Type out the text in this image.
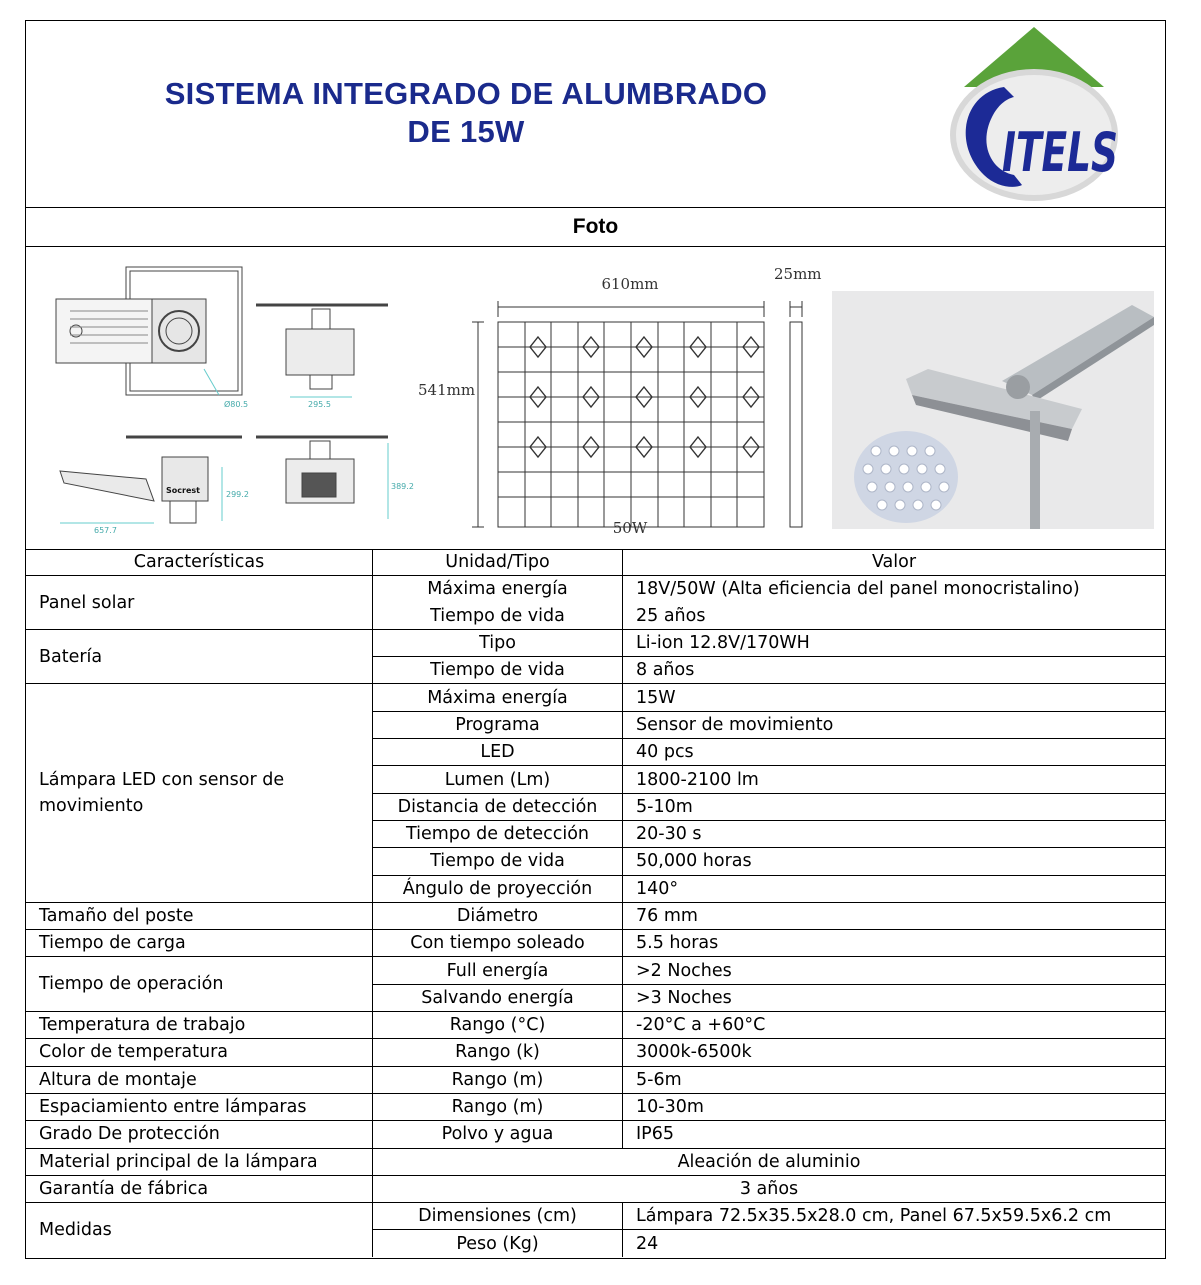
SISTEMA INTEGRADO DE ALUMBRADO
DE 15W	ITELS
Foto
Ø80.5	295.5
299.2
389.2
657.7
Socrest
610mm
541mm
25mm
50W
Características	Unidad/Tipo	Valor
Panel solar	Máxima energía	18V/50W (Alta eficiencia del panel monocristalino)
	Tiempo de vida	25 años
Batería	Tipo	Li-ion 12.8V/170WH
	Tiempo de vida	8 años
Lámpara LED con sensor de movimiento	Máxima energía	15W
	Programa	Sensor de movimiento
	LED	40 pcs
	Lumen (Lm)	1800-2100 lm
	Distancia de detección	5-10m
	Tiempo de detección	20-30 s
	Tiempo de vida	50,000 horas
	Ángulo de proyección	140°
Tamaño del poste	Diámetro	76 mm
Tiempo de carga	Con tiempo soleado	5.5 horas
Tiempo de operación	Full energía	>2 Noches
	Salvando energía	>3 Noches
Temperatura de trabajo	Rango (°C)	-20°C a +60°C
Color de temperatura	Rango (k)	3000k-6500k
Altura de montaje	Rango (m)	5-6m
Espaciamiento entre lámparas	Rango (m)	10-30m
Grado De protección	Polvo y agua	IP65
Material principal de la lámpara	Aleación de aluminio	
Garantía de fábrica	3 años	
Medidas	Dimensiones (cm)	Lámpara 72.5x35.5x28.0 cm, Panel 67.5x59.5x6.2 cm
	Peso (Kg)	24
